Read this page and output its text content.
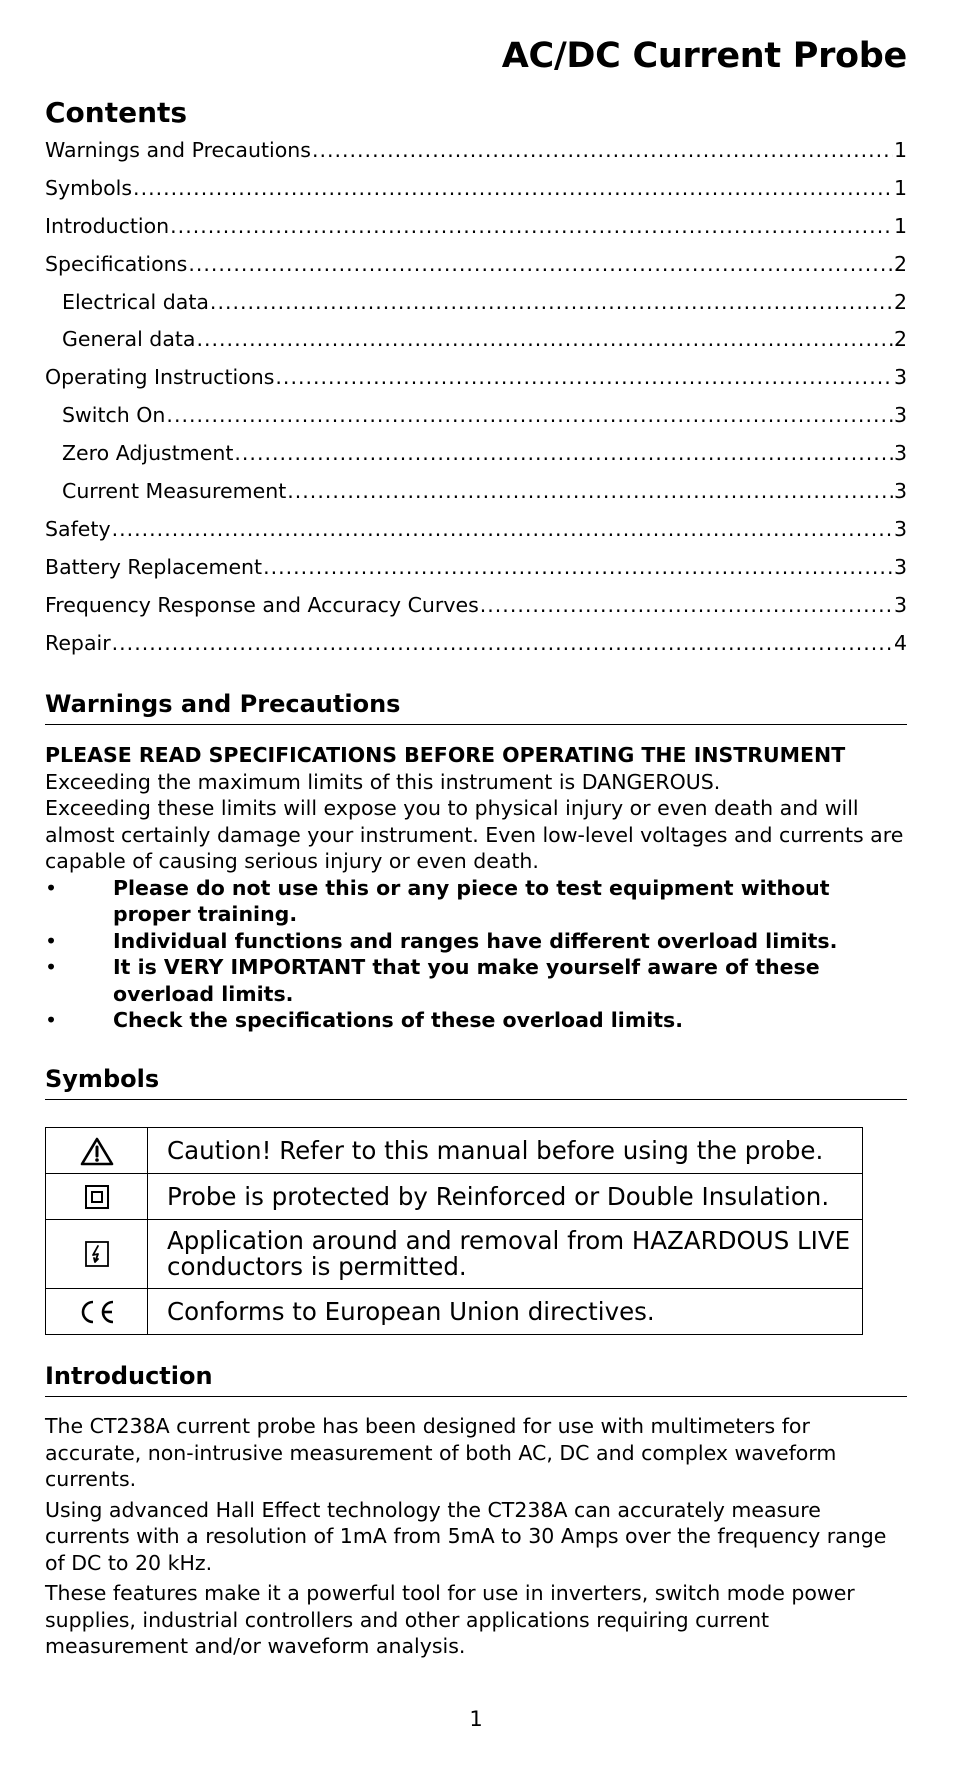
AC/DC Current Probe
Contents
Warnings and Precautions .....	1
Symbols .....	1
Introduction .....	1
Specifications .....	2
Electrical data .....	2
General data .....	2
Operating Instructions .....	3
Switch On .....	3
Zero Adjustment .....	3
Current Measurement .....	3
Safety .....	3
Battery Replacement .....	3
Frequency Response and Accuracy Curves .....	3
Repair .....	4
Warnings and Precautions
PLEASE READ SPECIFICATIONS BEFORE OPERATING THE INSTRUMENT
Exceeding the maximum limits of this instrument is DANGEROUS.
Exceeding these limits will expose you to physical injury or even death and will almost certainly damage your instrument. Even low-level voltages and currents are capable of causing serious injury or even death.
•	Please do not use this or any piece to test equipment without proper training.
•	Individual functions and ranges have different overload limits.
•	It is VERY IMPORTANT that you make yourself aware of these overload limits.
•	Check the specifications of these overload limits.
Symbols
	Caution! Refer to this manual before using the probe.

	Probe is protected by Reinforced or Double Insulation.

	Application around and removal from HAZARDOUS LIVE conductors is permitted.

	Conforms to European Union directives.
Introduction

The CT238A current probe has been designed for use with multimeters for accurate, non-intrusive measurement of both AC, DC and complex waveform currents.

Using advanced Hall Effect technology the CT238A can accurately measure currents with a resolution of 1mA from 5mA to 30 Amps over the frequency range of DC to 20 kHz.

These features make it a powerful tool for use in inverters, switch mode power supplies, industrial controllers and other applications requiring current measurement and/or waveform analysis.

1
